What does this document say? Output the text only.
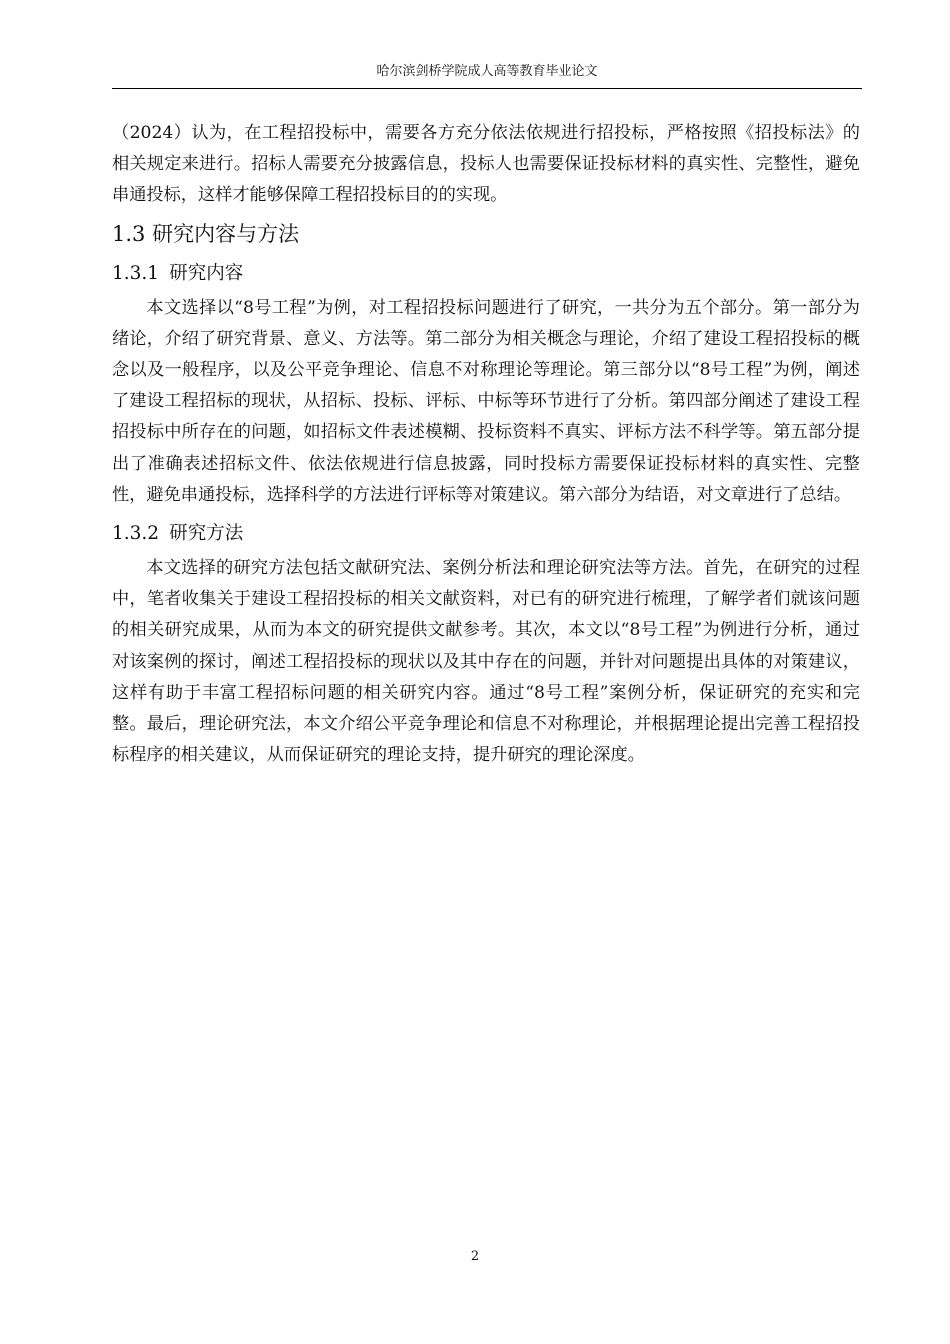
哈尔滨剑桥学院成人高等教育毕业论文

（2024）认为，在工程招投标中，需要各方充分依法依规进行招投标，严格按照《招投标法》的相关规定来进行。招标人需要充分披露信息，投标人也需要保证投标材料的真实性、完整性，避免串通投标，这样才能够保障工程招投标目的的实现。

1.3 研究内容与方法
1.3.1 研究内容

本文选择以“8号工程”为例，对工程招投标问题进行了研究，一共分为五个部分。第一部分为绪论，介绍了研究背景、意义、方法等。第二部分为相关概念与理论，介绍了建设工程招投标的概念以及一般程序，以及公平竞争理论、信息不对称理论等理论。第三部分以“8号工程”为例，阐述了建设工程招标的现状，从招标、投标、评标、中标等环节进行了分析。第四部分阐述了建设工程招投标中所存在的问题，如招标文件表述模糊、投标资料不真实、评标方法不科学等。第五部分提出了准确表述招标文件、依法依规进行信息披露，同时投标方需要保证投标材料的真实性、完整性，避免串通投标，选择科学的方法进行评标等对策建议。第六部分为结语，对文章进行了总结。

1.3.2 研究方法

本文选择的研究方法包括文献研究法、案例分析法和理论研究法等方法。首先，在研究的过程中，笔者收集关于建设工程招投标的相关文献资料，对已有的研究进行梳理，了解学者们就该问题的相关研究成果，从而为本文的研究提供文献参考。其次，本文以“8号工程”为例进行分析，通过对该案例的探讨，阐述工程招投标的现状以及其中存在的问题，并针对问题提出具体的对策建议，这样有助于丰富工程招标问题的相关研究内容。通过“8号工程”案例分析，保证研究的充实和完整。最后，理论研究法，本文介绍公平竞争理论和信息不对称理论，并根据理论提出完善工程招投标程序的相关建议，从而保证研究的理论支持，提升研究的理论深度。

2
